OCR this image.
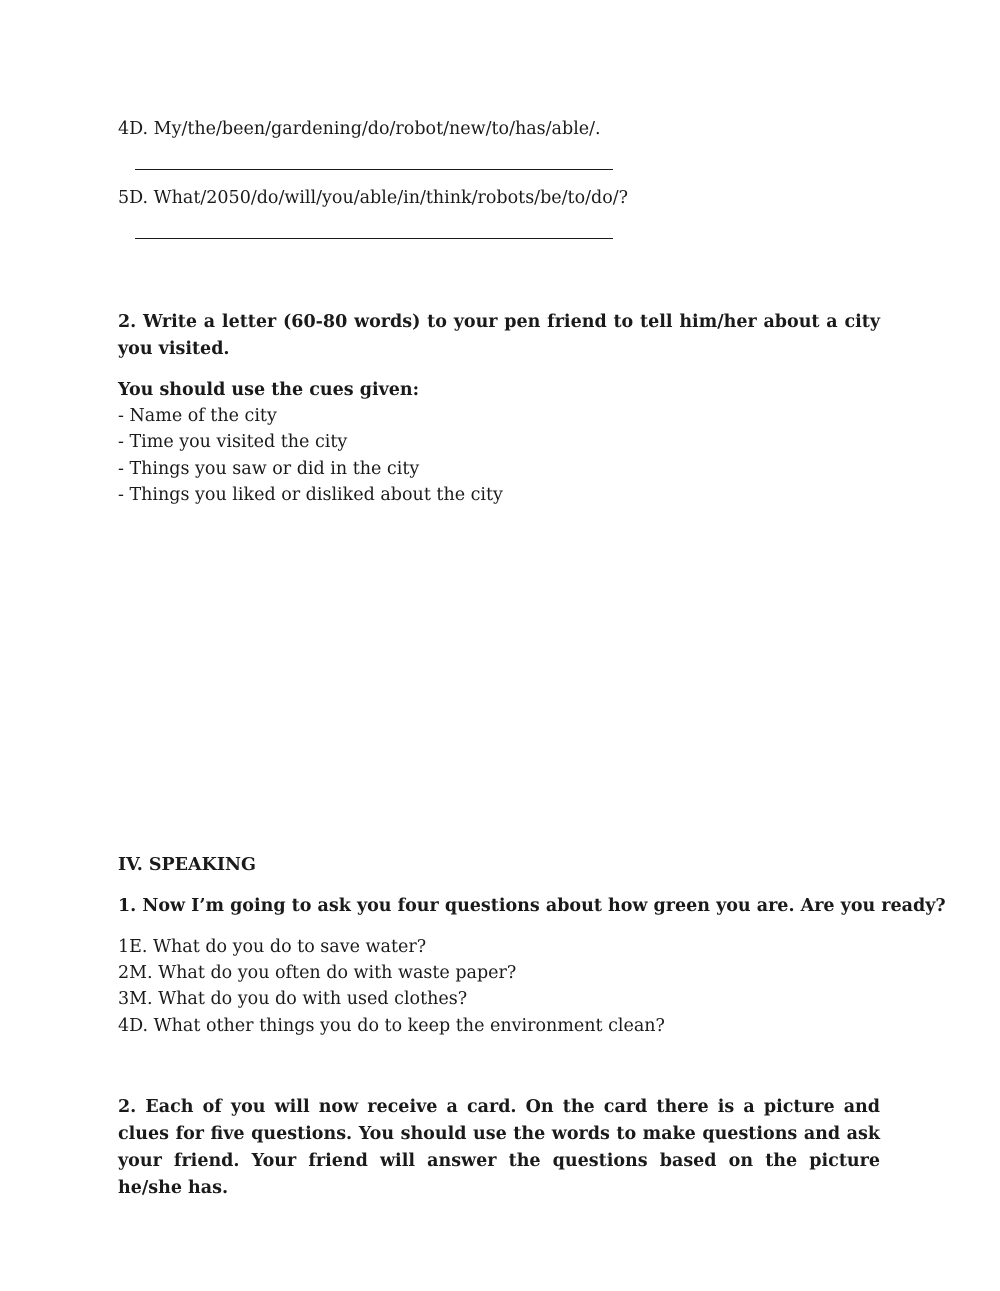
4D. My/the/been/gardening/do/robot/new/to/has/able/.
5D. What/2050/do/will/you/able/in/think/robots/be/to/do/?
2. Write a letter (60-80 words) to your pen friend to tell him/her about a city you visited.
You should use the cues given:
- Name of the city
- Time you visited the city
- Things you saw or did in the city
- Things you liked or disliked about the city
IV. SPEAKING
1. Now I’m going to ask you four questions about how green you are. Are you ready?
1E. What do you do to save water?
2M. What do you often do with waste paper?
3M. What do you do with used clothes?
4D. What other things you do to keep the environment clean?
2. Each of you will now receive a card. On the card there is a picture and clues for five questions. You should use the words to make questions and ask your friend. Your friend will answer the questions based on the picture he/she has.
